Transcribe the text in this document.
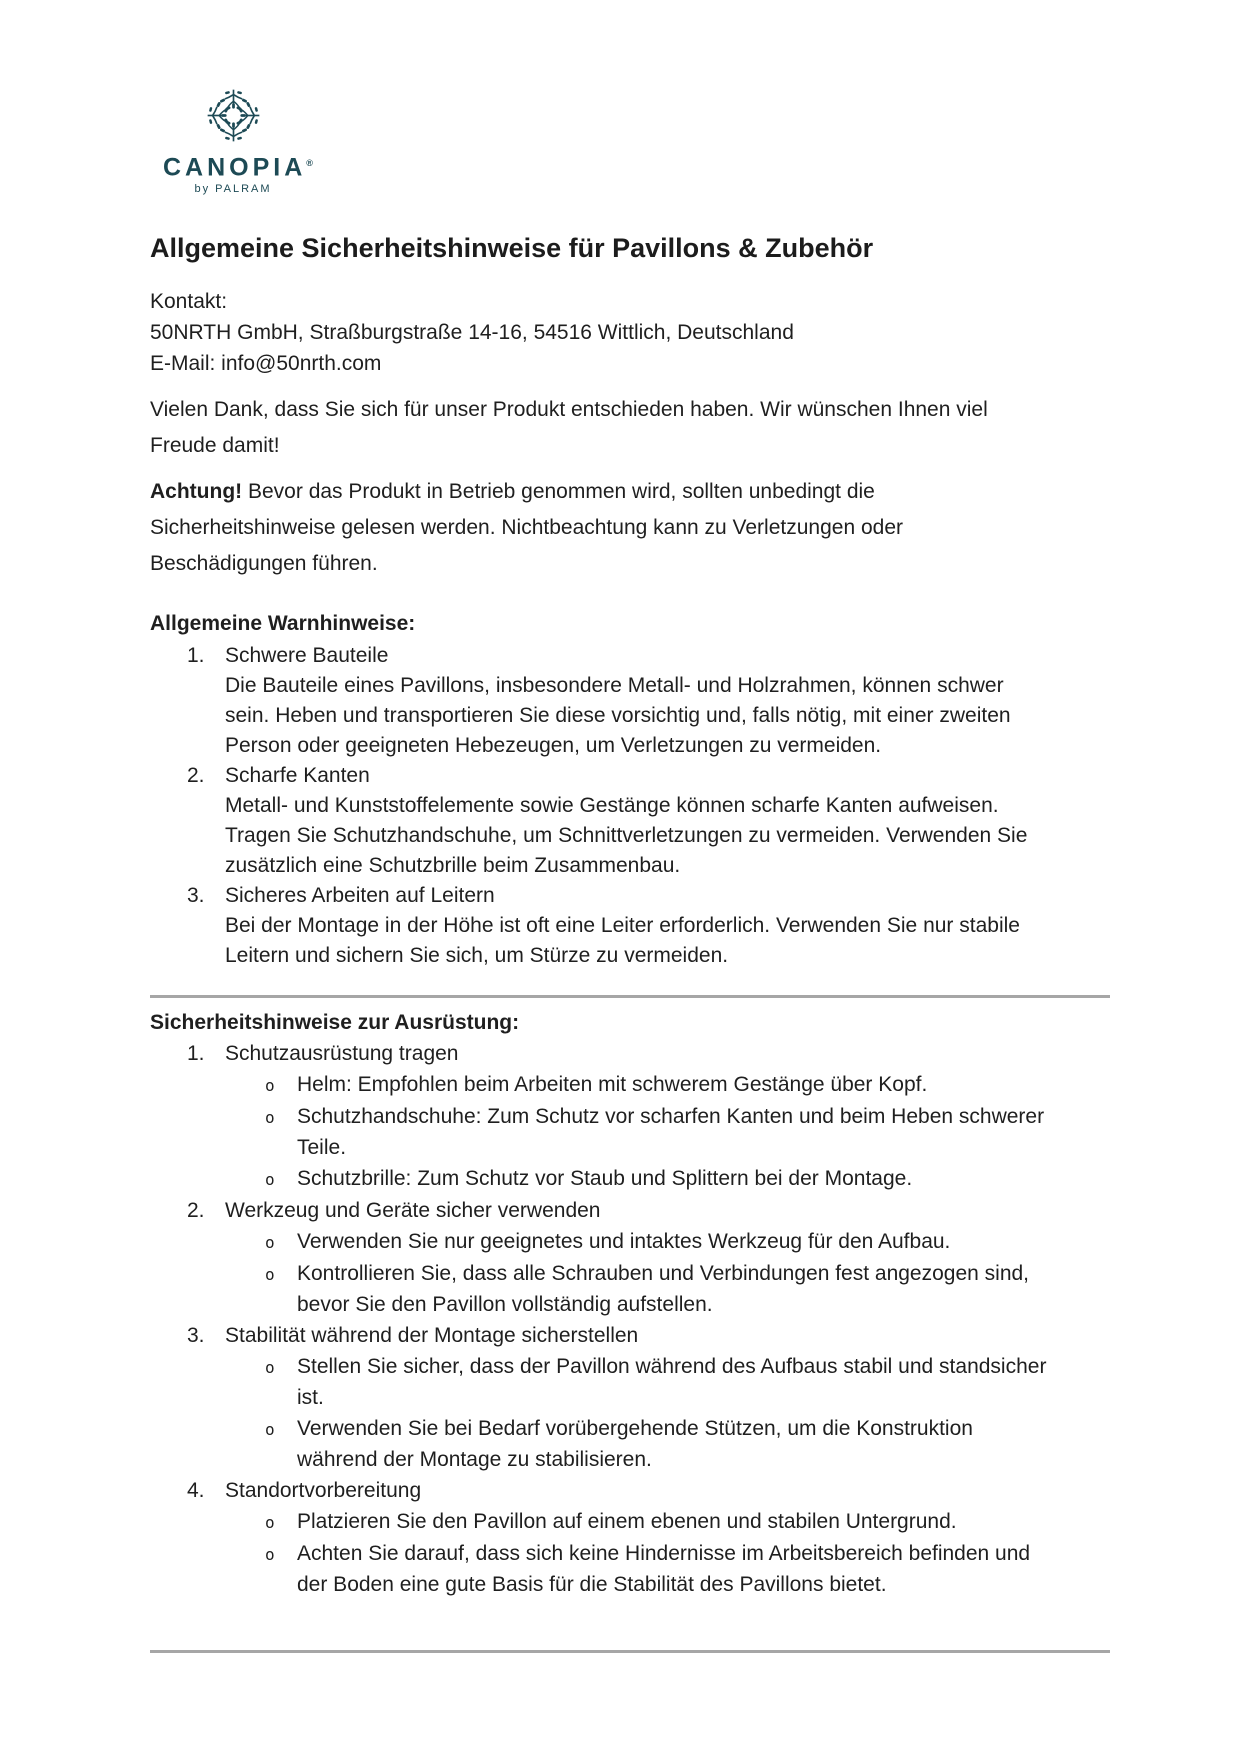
CANOPIA®
by PALRAM
Allgemeine Sicherheitshinweise für Pavillons & Zubehör
Kontakt:
50NRTH GmbH, Straßburgstraße 14-16, 54516 Wittlich, Deutschland
E-Mail: info@50nrth.com
Vielen Dank, dass Sie sich für unser Produkt entschieden haben. Wir wünschen Ihnen viel
Freude damit!
Achtung! Bevor das Produkt in Betrieb genommen wird, sollten unbedingt die
Sicherheitshinweise gelesen werden. Nichtbeachtung kann zu Verletzungen oder
Beschädigungen führen.
Allgemeine Warnhinweise:
1. Schwere Bauteile
Die Bauteile eines Pavillons, insbesondere Metall- und Holzrahmen, können schwer
sein. Heben und transportieren Sie diese vorsichtig und, falls nötig, mit einer zweiten
Person oder geeigneten Hebezeugen, um Verletzungen zu vermeiden.
2. Scharfe Kanten
Metall- und Kunststoffelemente sowie Gestänge können scharfe Kanten aufweisen.
Tragen Sie Schutzhandschuhe, um Schnittverletzungen zu vermeiden. Verwenden Sie
zusätzlich eine Schutzbrille beim Zusammenbau.
3. Sicheres Arbeiten auf Leitern
Bei der Montage in der Höhe ist oft eine Leiter erforderlich. Verwenden Sie nur stabile
Leitern und sichern Sie sich, um Stürze zu vermeiden.
Sicherheitshinweise zur Ausrüstung:
1. Schutzausrüstung tragen
o	Helm: Empfohlen beim Arbeiten mit schwerem Gestänge über Kopf.
o	Schutzhandschuhe: Zum Schutz vor scharfen Kanten und beim Heben schwerer
Teile.
o	Schutzbrille: Zum Schutz vor Staub und Splittern bei der Montage.
2. Werkzeug und Geräte sicher verwenden
o	Verwenden Sie nur geeignetes und intaktes Werkzeug für den Aufbau.
o	Kontrollieren Sie, dass alle Schrauben und Verbindungen fest angezogen sind,
bevor Sie den Pavillon vollständig aufstellen.
3. Stabilität während der Montage sicherstellen
o	Stellen Sie sicher, dass der Pavillon während des Aufbaus stabil und standsicher
ist.
o	Verwenden Sie bei Bedarf vorübergehende Stützen, um die Konstruktion
während der Montage zu stabilisieren.
4. Standortvorbereitung
o	Platzieren Sie den Pavillon auf einem ebenen und stabilen Untergrund.
o	Achten Sie darauf, dass sich keine Hindernisse im Arbeitsbereich befinden und
der Boden eine gute Basis für die Stabilität des Pavillons bietet.
